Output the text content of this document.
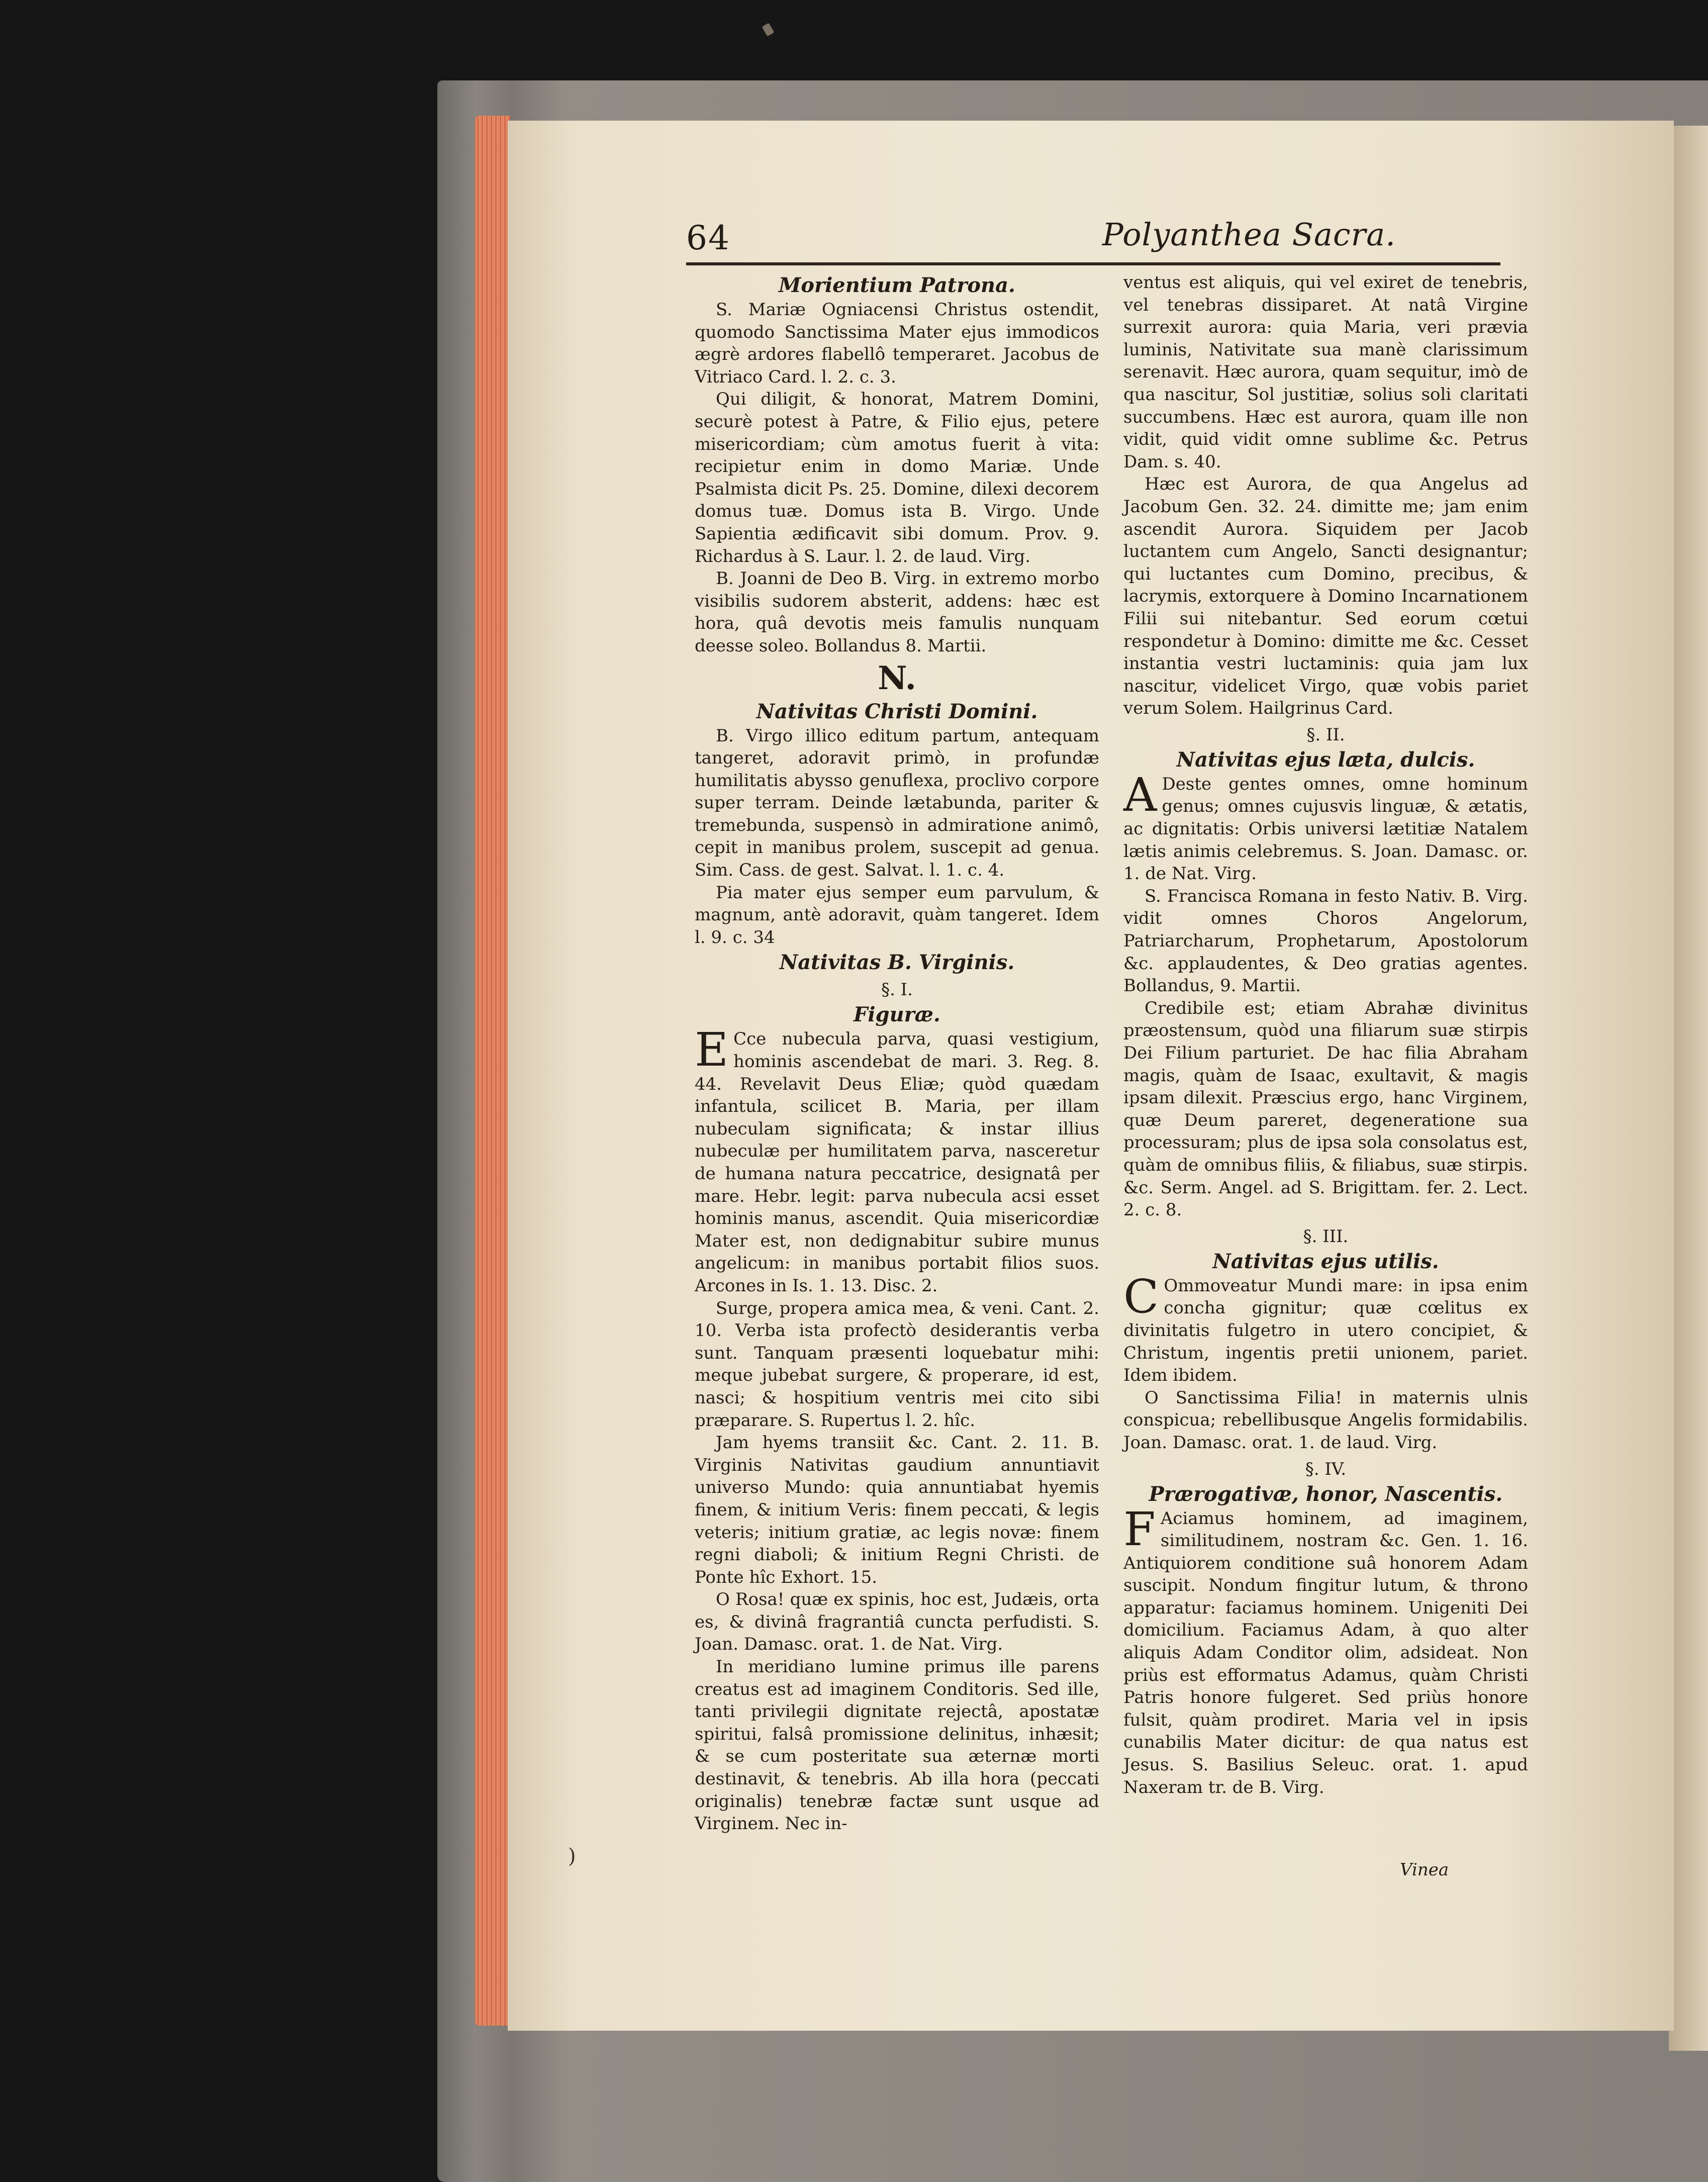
64	Polyanthea Sacra.
Morientium Patrona.

S. Mariæ Ogniacensi Christus ostendit, quomodo Sanctissima Mater ejus immodicos ægrè ardores flabellô temperaret. Jacobus de Vitriaco Card. l. 2. c. 3.

Qui diligit, & honorat, Matrem Domini, securè potest à Patre, & Filio ejus, petere misericordiam; cùm amotus fuerit à vita: recipietur enim in domo Mariæ. Unde Psalmista dicit Ps. 25. Domine, dilexi decorem domus tuæ. Domus ista B. Virgo. Unde Sapientia ædificavit sibi domum. Prov. 9. Richardus à S. Laur. l. 2. de laud. Virg.

B. Joanni de Deo B. Virg. in extremo morbo visibilis sudorem absterit, addens: hæc est hora, quâ devotis meis famulis nunquam deesse soleo. Bollandus 8. Martii.

N.
Nativitas Christi Domini.

B. Virgo illico editum partum, antequam tangeret, adoravit primò, in profundæ humilitatis abysso genuflexa, proclivo corpore super terram. Deinde lætabunda, pariter & tremebunda, suspensò in admiratione animô, cepit in manibus prolem, suscepit ad genua. Sim. Cass. de gest. Salvat. l. 1. c. 4.

Pia mater ejus semper eum parvulum, & magnum, antè adoravit, quàm tangeret. Idem l. 9. c. 34

Nativitas B. Virginis.
§. I.
Figuræ.

E Cce nubecula parva, quasi vestigium, hominis ascendebat de mari. 3. Reg. 8. 44. Revelavit Deus Eliæ; quòd quædam infantula, scilicet B. Maria, per illam nubeculam significata; & instar illius nubeculæ per humilitatem parva, nasceretur de humana natura peccatrice, designatâ per mare. Hebr. legit: parva nubecula acsi esset hominis manus, ascendit. Quia misericordiæ Mater est, non dedignabitur subire munus angelicum: in manibus portabit filios suos. Arcones in Is. 1. 13. Disc. 2.

Surge, propera amica mea, & veni. Cant. 2. 10. Verba ista profectò desiderantis verba sunt. Tanquam præsenti loquebatur mihi: meque jubebat surgere, & properare, id est, nasci; & hospitium ventris mei cito sibi præparare. S. Rupertus l. 2. hîc.

Jam hyems transiit &c. Cant. 2. 11. B. Virginis Nativitas gaudium annuntiavit universo Mundo: quia annuntiabat hyemis finem, & initium Veris: finem peccati, & legis veteris; initium gratiæ, ac legis novæ: finem regni diaboli; & initium Regni Christi. de Ponte hîc Exhort. 15.

O Rosa! quæ ex spinis, hoc est, Judæis, orta es, & divinâ fragrantiâ cuncta perfudisti. S. Joan. Damasc. orat. 1. de Nat. Virg.

In meridiano lumine primus ille parens creatus est ad imaginem Conditoris. Sed ille, tanti privilegii dignitate rejectâ, apostatæ spiritui, falsâ promissione delinitus, inhæsit; & se cum posteritate sua æternæ morti destinavit, & tenebris. Ab illa hora (peccati originalis) tenebræ factæ sunt usque ad Virginem. Nec in-

ventus est aliquis, qui vel exiret de tenebris, vel tenebras dissiparet. At natâ Virgine surrexit aurora: quia Maria, veri prævia luminis, Nativitate sua manè clarissimum serenavit. Hæc aurora, quam sequitur, imò de qua nascitur, Sol justitiæ, solius soli claritati succumbens. Hæc est aurora, quam ille non vidit, quid vidit omne sublime &c. Petrus Dam. s. 40.

Hæc est Aurora, de qua Angelus ad Jacobum Gen. 32. 24. dimitte me; jam enim ascendit Aurora. Siquidem per Jacob luctantem cum Angelo, Sancti designantur; qui luctantes cum Domino, precibus, & lacrymis, extorquere à Domino Incarnationem Filii sui nitebantur. Sed eorum cœtui respondetur à Domino: dimitte me &c. Cesset instantia vestri luctaminis: quia jam lux nascitur, videlicet Virgo, quæ vobis pariet verum Solem. Hailgrinus Card.

§. II.
Nativitas ejus læta, dulcis.

A Deste gentes omnes, omne hominum genus; omnes cujusvis linguæ, & ætatis, ac dignitatis: Orbis universi lætitiæ Natalem lætis animis celebremus. S. Joan. Damasc. or. 1. de Nat. Virg.

S. Francisca Romana in festo Nativ. B. Virg. vidit omnes Choros Angelorum, Patriarcharum, Prophetarum, Apostolorum &c. applaudentes, & Deo gratias agentes. Bollandus, 9. Martii.

Credibile est; etiam Abrahæ divinitus præostensum, quòd una filiarum suæ stirpis Dei Filium parturiet. De hac filia Abraham magis, quàm de Isaac, exultavit, & magis ipsam dilexit. Præscius ergo, hanc Virginem, quæ Deum pareret, degeneratione sua processuram; plus de ipsa sola consolatus est, quàm de omnibus filiis, & filiabus, suæ stirpis. &c. Serm. Angel. ad S. Brigittam. fer. 2. Lect. 2. c. 8.

§. III.
Nativitas ejus utilis.

C Ommoveatur Mundi mare: in ipsa enim concha gignitur; quæ cœlitus ex divinitatis fulgetro in utero concipiet, & Christum, ingentis pretii unionem, pariet. Idem ibidem.

O Sanctissima Filia! in maternis ulnis conspicua; rebellibusque Angelis formidabilis. Joan. Damasc. orat. 1. de laud. Virg.

§. IV.
Prærogativæ, honor, Nascentis.

F Aciamus hominem, ad imaginem, similitudinem, nostram &c. Gen. 1. 16. Antiquiorem conditione suâ honorem Adam suscipit. Nondum fingitur lutum, & throno apparatur: faciamus hominem. Unigeniti Dei domicilium. Faciamus Adam, à quo alter aliquis Adam Conditor olim, adsideat. Non priùs est efformatus Adamus, quàm Christi Patris honore fulgeret. Sed priùs honore fulsit, quàm prodiret. Maria vel in ipsis cunabilis Mater dicitur: de qua natus est Jesus. S. Basilius Seleuc. orat. 1. apud Naxeram tr. de B. Virg.

Vinea
)
